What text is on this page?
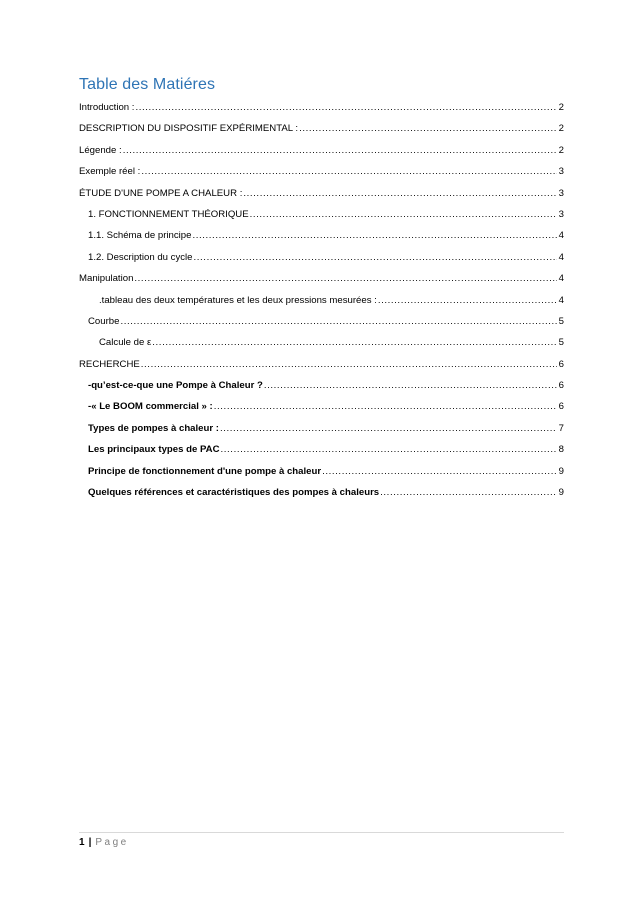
Table des Matiéres
Introduction : .....	2
DESCRIPTION DU DISPOSITIF EXPÉRIMENTAL : .....	2
Légende : .....	2
Exemple réel : .....	3
ÉTUDE D'UNE POMPE A CHALEUR : .....	3
1. FONCTIONNEMENT THÉORIQUE .....	3
1.1. Schéma de principe .....	4
1.2. Description du cycle .....	4
Manipulation .....	4
.tableau des deux températures et les deux pressions mesurées : .....	4
Courbe .....	5
Calcule de ε .....	5
RECHERCHE .....	6
-qu’est-ce-que une Pompe à Chaleur ? .....	6
-« Le BOOM commercial » : .....	6
Types de pompes à chaleur : .....	7
Les principaux types de PAC .....	8
Principe de fonctionnement d'une pompe à chaleur .....	9
Quelques références et caractéristiques des pompes à chaleurs .....	9
1 | Page
